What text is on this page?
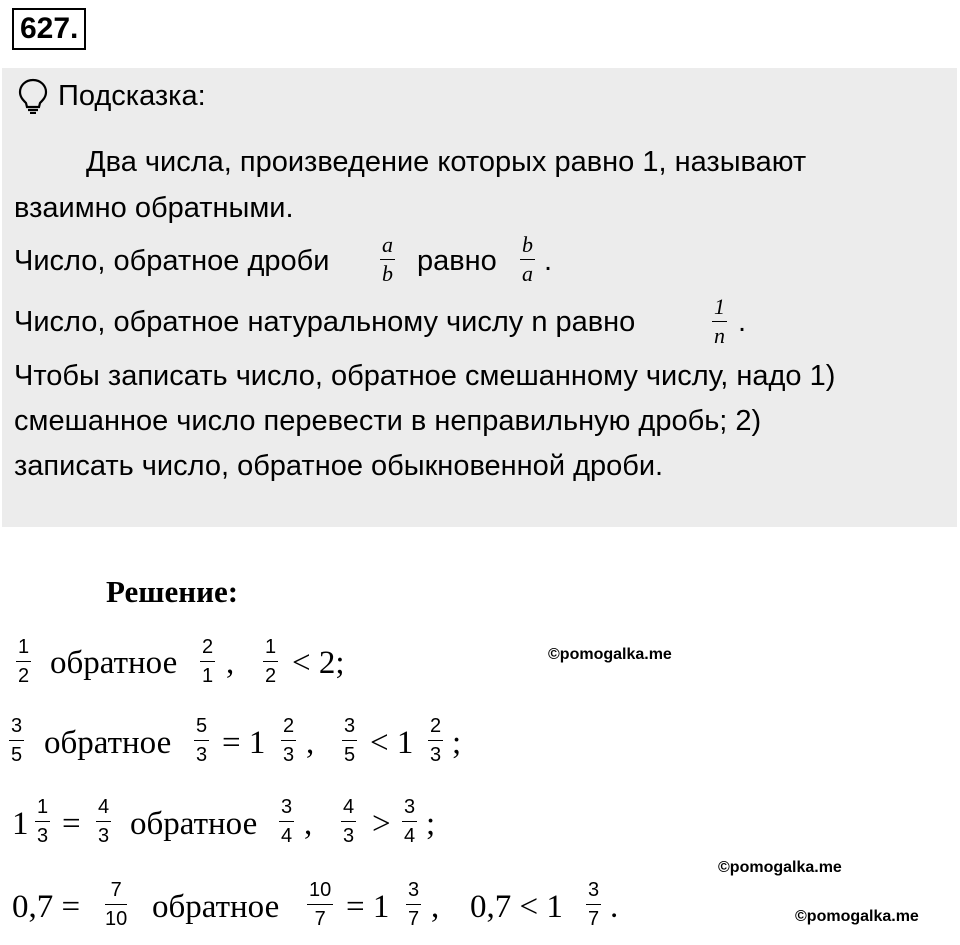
627.
Подсказка:
Два числа, произведение которых равно 1, называют
взаимно обратными.
Число, обратное дроби $\frac{a}{b}$ равно $\frac{b}{a}$ .
Число, обратное натуральному числу n равно	$\frac{1}{n}$ .
Чтобы записать число, обратное смешанному числу, надо 1)
смешанное число перевести в неправильную дробь; 2)
записать число, обратное обыкновенной дроби.
Решение:
©pomogalka.me
©pomogalka.me
©pomogalka.me
1
2 обратное 2
1 , 1
2 < 2;
3
5 обратное 5
3 = 1 2
3 , 3
5 < 1 2
3 ;
1 1
3 = 4
3 обратное 3
4 , 4
3 > 3
4 ;
0,7 = 7
10 обратное 10
7 = 1 3
7 , 0,7 < 1 3
7 .
